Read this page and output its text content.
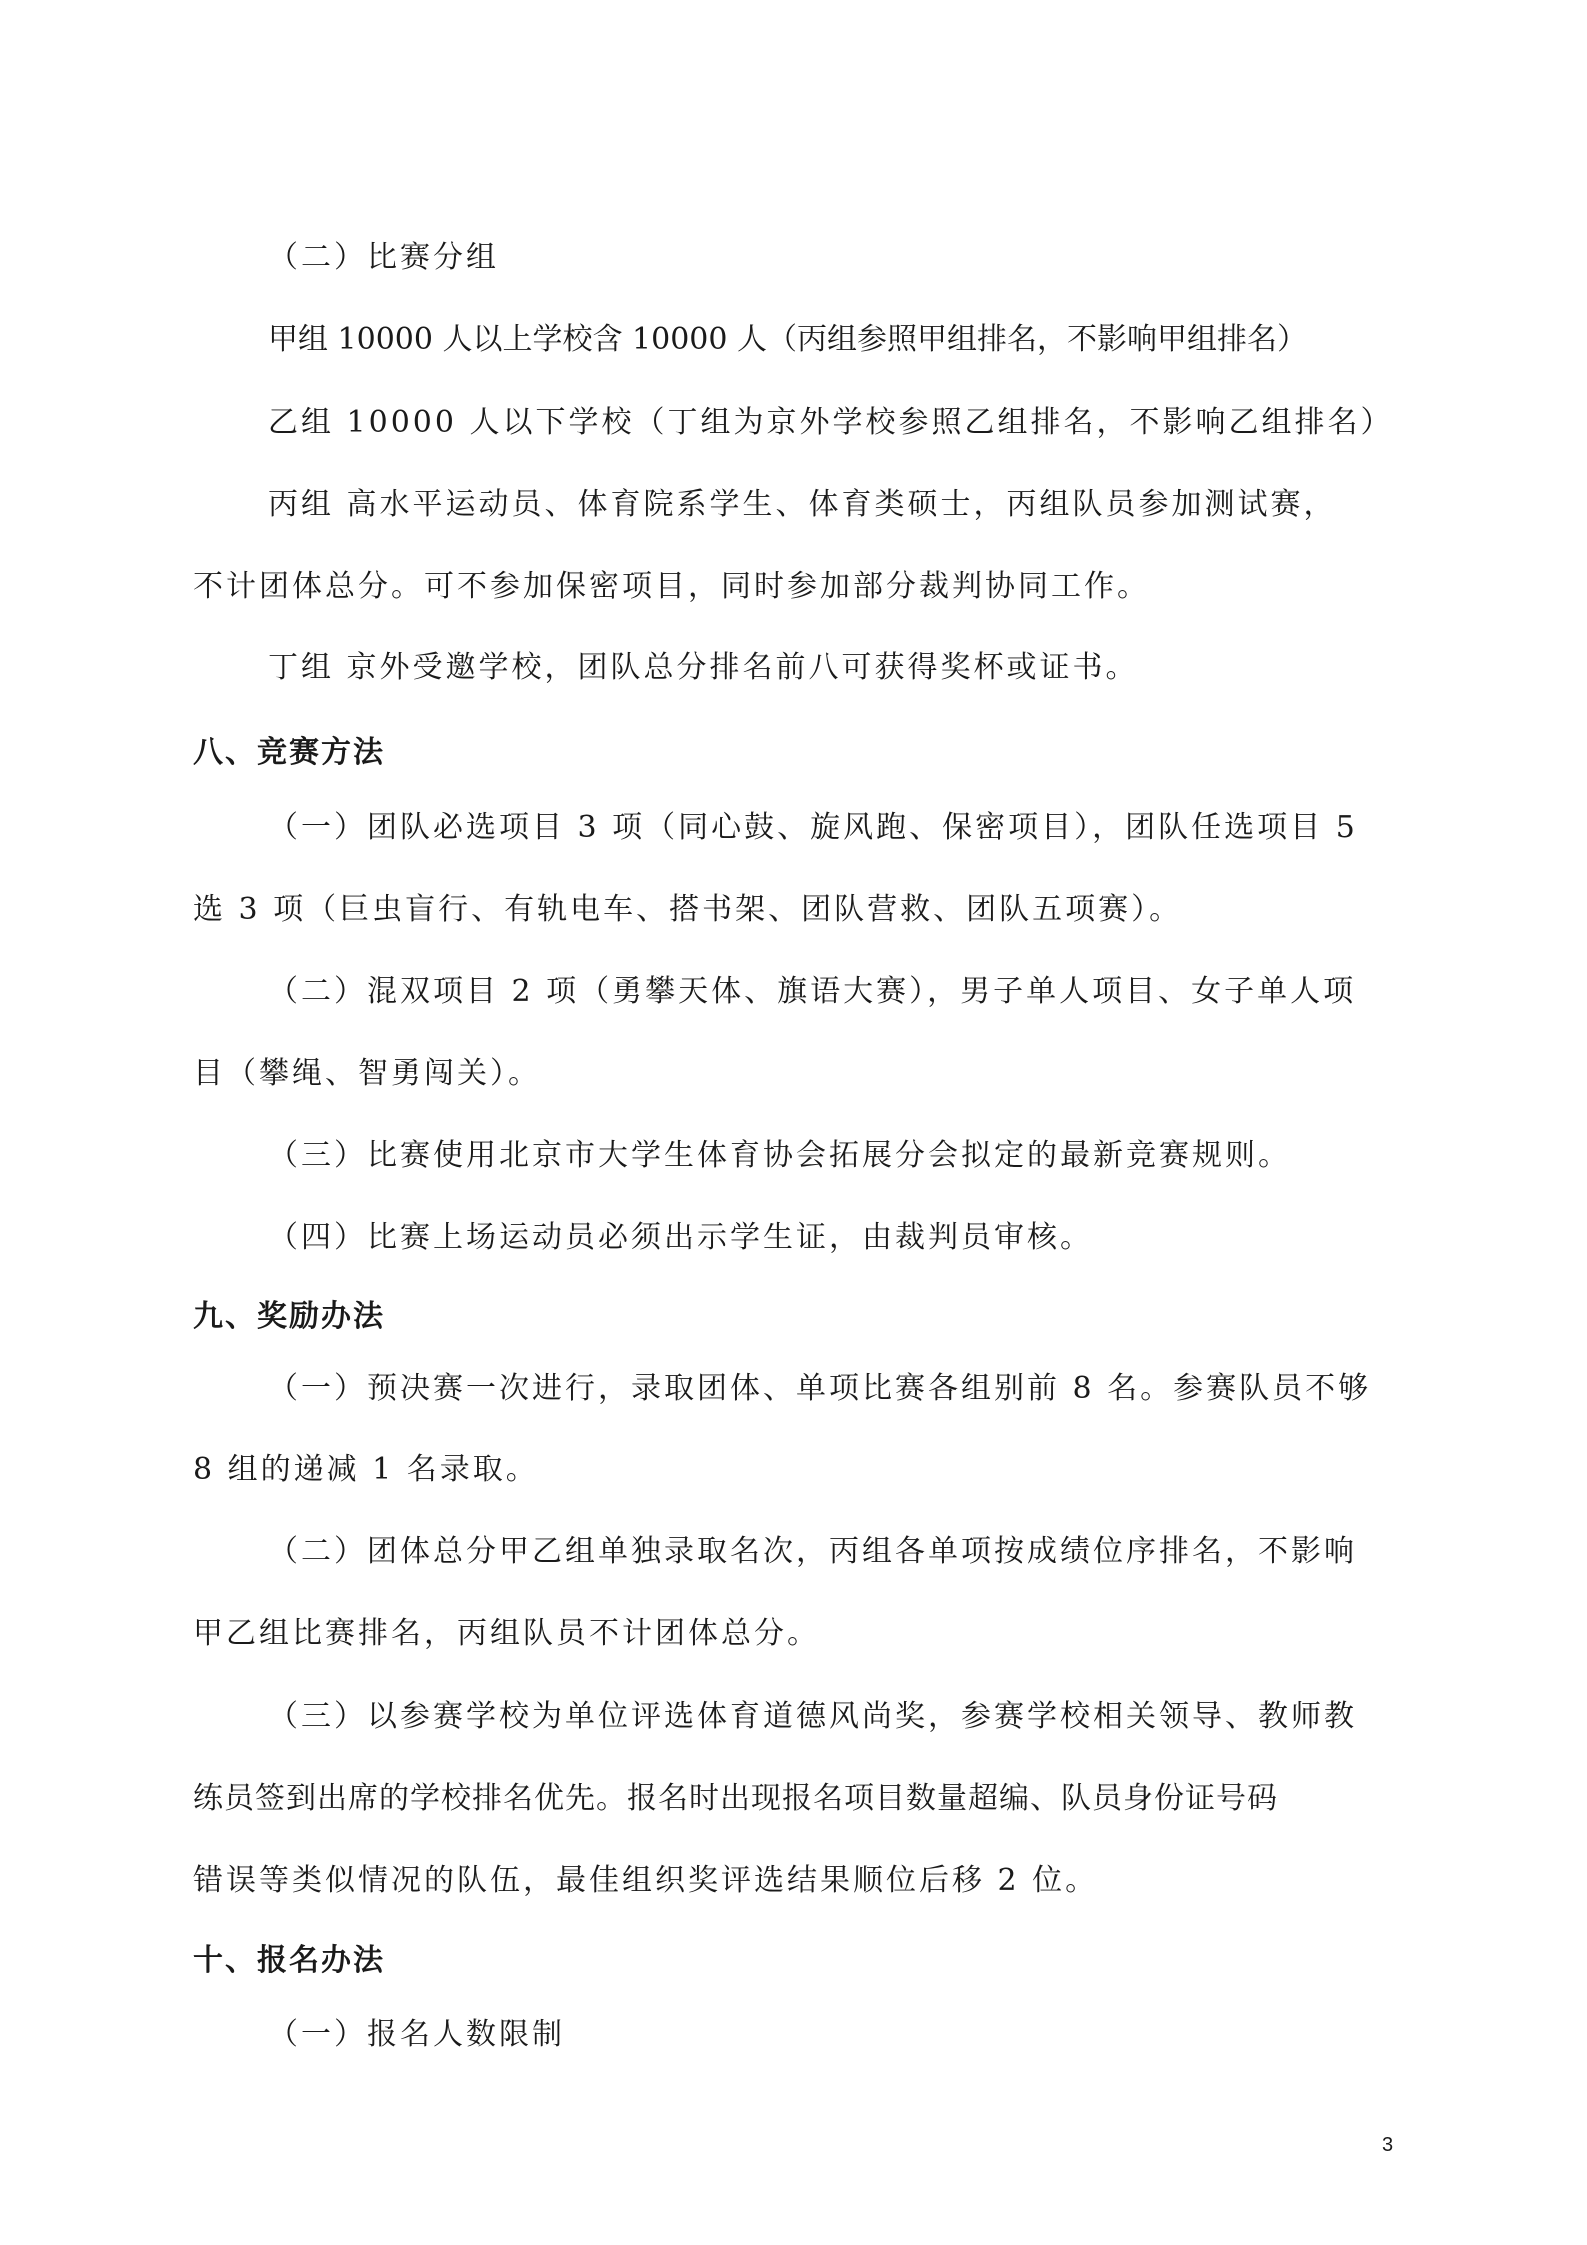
（二）比赛分组
甲组 10000 人以上学校含 10000 人（丙组参照甲组排名，不影响甲组排名）
乙组 10000 人以下学校（丁组为京外学校参照乙组排名，不影响乙组排名）
丙组 高水平运动员、体育院系学生、体育类硕士，丙组队员参加测试赛，
不计团体总分。可不参加保密项目，同时参加部分裁判协同工作。
丁组 京外受邀学校，团队总分排名前八可获得奖杯或证书。
八、竞赛方法
（一）团队必选项目 3 项（同心鼓、旋风跑、保密项目），团队任选项目 5
选 3 项（巨虫盲行、有轨电车、搭书架、团队营救、团队五项赛）。
（二）混双项目 2 项（勇攀天体、旗语大赛），男子单人项目、女子单人项
目（攀绳、智勇闯关）。
（三）比赛使用北京市大学生体育协会拓展分会拟定的最新竞赛规则。
（四）比赛上场运动员必须出示学生证，由裁判员审核。
九、奖励办法
（一）预决赛一次进行，录取团体、单项比赛各组别前 8 名。参赛队员不够
8 组的递减 1 名录取。
（二）团体总分甲乙组单独录取名次，丙组各单项按成绩位序排名，不影响
甲乙组比赛排名，丙组队员不计团体总分。
（三）以参赛学校为单位评选体育道德风尚奖，参赛学校相关领导、教师教
练员签到出席的学校排名优先。报名时出现报名项目数量超编、队员身份证号码
错误等类似情况的队伍，最佳组织奖评选结果顺位后移 2 位。
十、报名办法
（一）报名人数限制
3
